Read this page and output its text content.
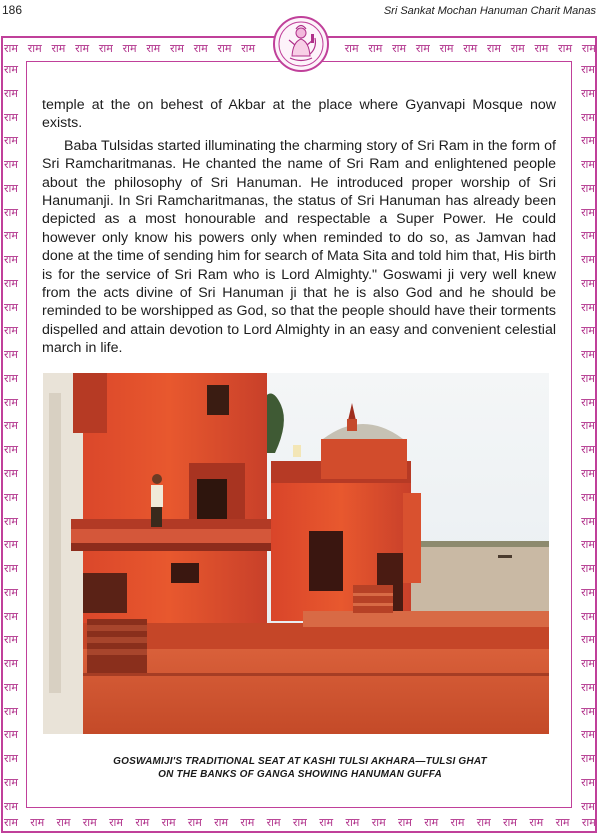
186	Sri Sankat Mochan Hanuman Charit Manas
राम राम राम राम राम राम राम राम राम राम राम	राम राम राम राम राम राम राम राम राम राम राम
राम राम राम राम राम राम राम राम राम राम राम राम राम राम राम राम राम राम राम राम राम राम राम
राम
राम
राम
राम
राम
राम
राम
राम
राम
राम
राम
राम
राम
राम
राम
राम
राम
राम
राम
राम
राम
राम
राम
राम
राम
राम
राम
राम
राम
राम
राम
राम
राम
राम
राम
राम
राम
राम
राम
राम
राम
राम
राम
राम
राम
राम
राम
राम
राम
राम
राम
राम
राम
राम
राम
राम
राम
राम
राम
राम
राम
राम
राम
राम

temple at the on behest of Akbar at the place where Gyanvapi Mosque now exists.

Baba Tulsidas started illuminating the charming story of Sri Ram in the form of Sri Ramcharitmanas. He chanted the name of Sri Ram and enlightened people about the philosophy of Sri Hanuman. He introduced proper worship of Sri Hanumanji. In Sri Ramcharitmanas, the status of Sri Hanuman has already been depicted as a most honourable and respectable a Super Power. He could however only know his powers only when reminded to do so, as Jamvan had done at the time of sending him for search of Mata Sita and told him that, His birth is for the service of Sri Ram who is Lord Almighty." Goswami ji very well knew from the acts divine of Sri Hanuman ji that he is also God and he should be reminded to be worshipped as God, so that the people should have their torments dispelled and attain devotion to Lord Almighty in an easy and convenient celestial march in life.

GOSWAMIJI'S TRADITIONAL SEAT AT KASHI TULSI AKHARA—TULSI GHAT
ON THE BANKS OF GANGA SHOWING HANUMAN GUFFA
